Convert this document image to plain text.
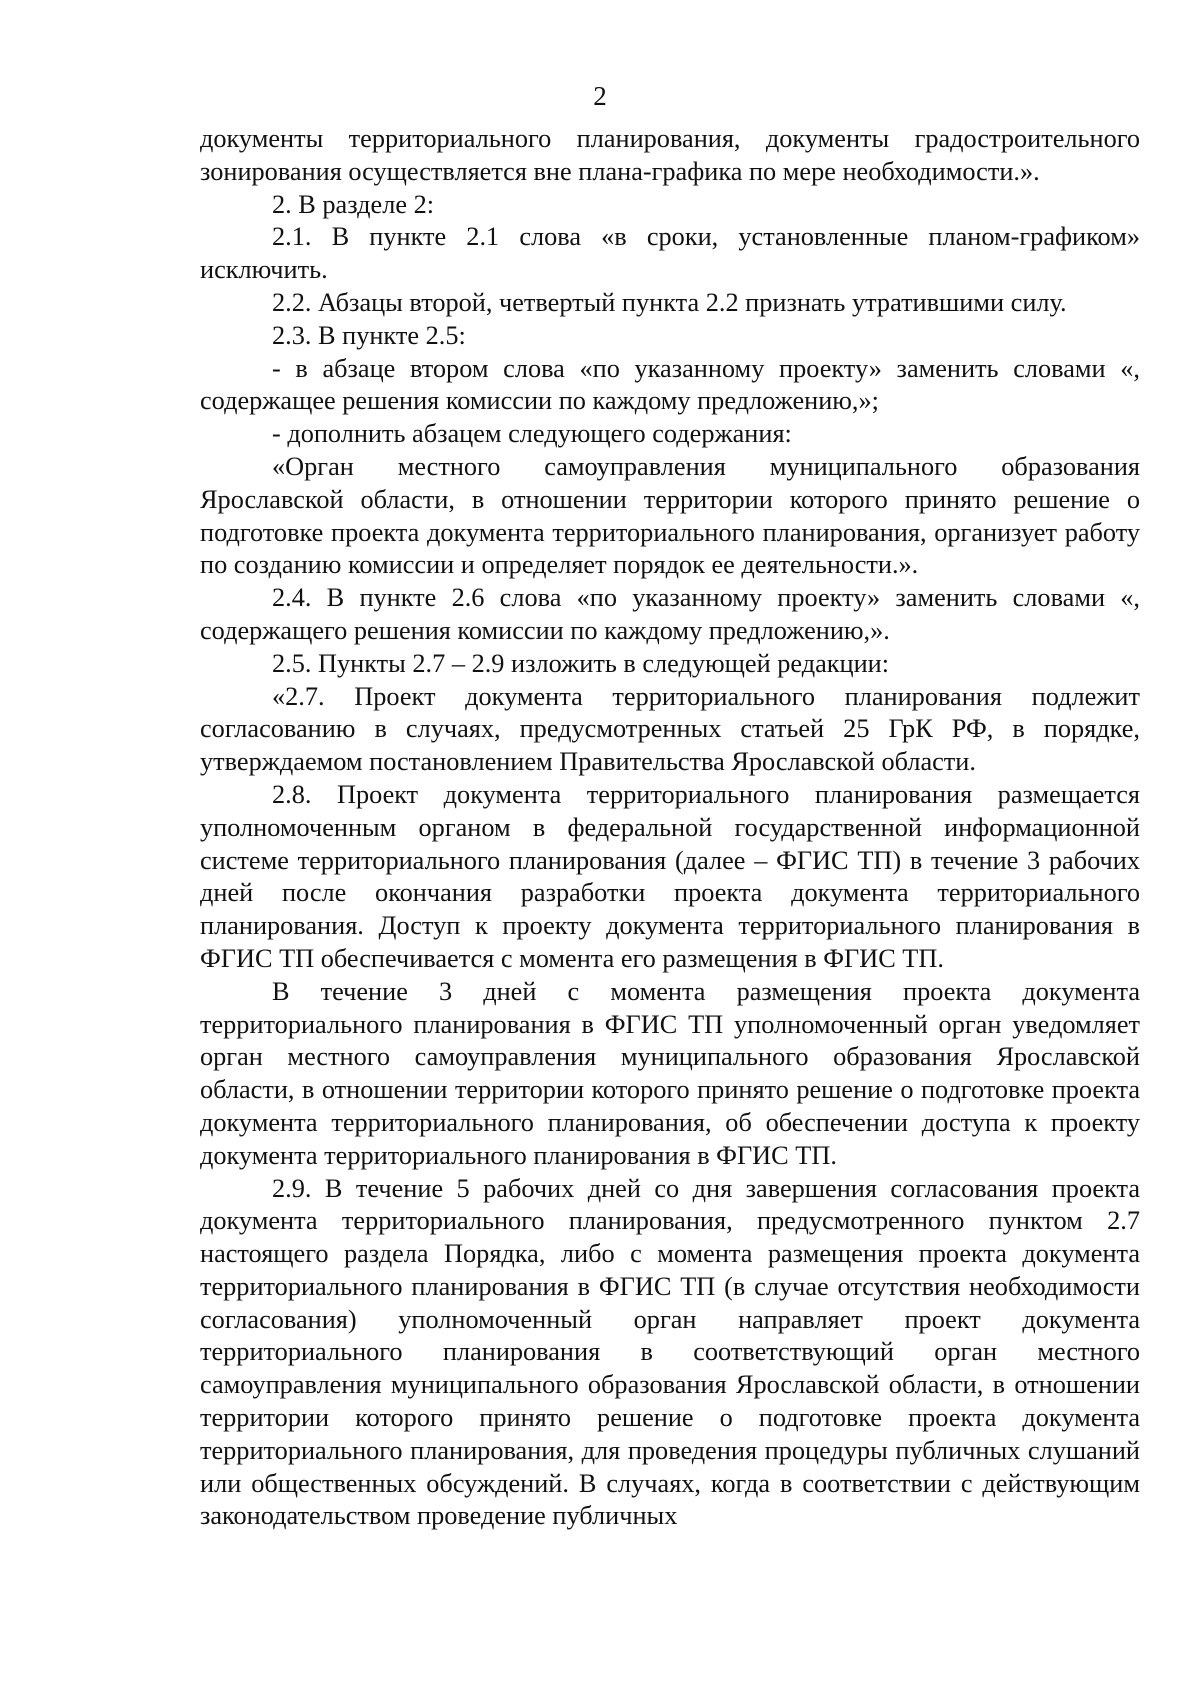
2

документы территориального планирования, документы градостроительного зонирования осуществляется вне плана-графика по мере необходимости.».

2. В разделе 2:

2.1. В пункте 2.1 слова «в сроки, установленные планом-графиком» исключить.

2.2. Абзацы второй, четвертый пункта 2.2 признать утратившими силу.

2.3. В пункте 2.5:

- в абзаце втором слова «по указанному проекту» заменить словами «, содержащее решения комиссии по каждому предложению,»;

- дополнить абзацем следующего содержания:

«Орган местного самоуправления муниципального образования Ярославской области, в отношении территории которого принято решение о подготовке проекта документа территориального планирования, организует работу по созданию комиссии и определяет порядок ее деятельности.».

2.4. В пункте 2.6 слова «по указанному проекту» заменить словами «, содержащего решения комиссии по каждому предложению,».

2.5. Пункты 2.7 – 2.9 изложить в следующей редакции:

«2.7. Проект документа территориального планирования подлежит согласованию в случаях, предусмотренных статьей 25 ГрК РФ, в порядке, утверждаемом постановлением Правительства Ярославской области.

2.8. Проект документа территориального планирования размещается уполномоченным органом в федеральной государственной информационной системе территориального планирования (далее – ФГИС ТП) в течение 3 рабочих дней после окончания разработки проекта документа территориального планирования. Доступ к проекту документа территориального планирования в ФГИС ТП обеспечивается с момента его размещения в ФГИС ТП.

В течение 3 дней с момента размещения проекта документа территориального планирования в ФГИС ТП уполномоченный орган уведомляет орган местного самоуправления муниципального образования Ярославской области, в отношении территории которого принято решение о подготовке проекта документа территориального планирования, об обеспечении доступа к проекту документа территориального планирования в ФГИС ТП.

2.9. В течение 5 рабочих дней со дня завершения согласования проекта документа территориального планирования, предусмотренного пунктом 2.7 настоящего раздела Порядка, либо с момента размещения проекта документа территориального планирования в ФГИС ТП (в случае отсутствия необходимости согласования) уполномоченный орган направляет проект документа территориального планирования в соответствующий орган местного самоуправления муниципального образования Ярославской области, в отношении территории которого принято решение о подготовке проекта документа территориального планирования, для проведения процедуры публичных слушаний или общественных обсуждений. В случаях, когда в соответствии с действующим законодательством проведение публичных
